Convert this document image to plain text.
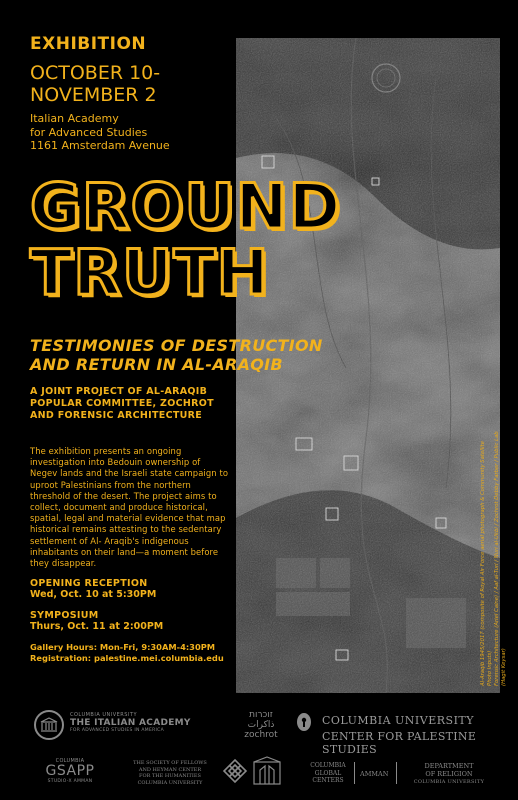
EXHIBITION

OCTOBER 10-
NOVEMBER 2
Italian Academy
for Advanced Studies
1161 Amsterdam Avenue
GROUND
TRUTH
TESTIMONIES OF DESTRUCTION
AND RETURN IN AL-ARAQIB
A JOINT PROJECT OF AL-ARAQIB
POPULAR COMMITTEE, ZOCHROT
AND FORENSIC ARCHITECTURE

The exhibition presents an ongoing investigation into Bedouin ownership of Negev lands and the Israeli state campaign to uproot Palestinians from the northern threshold of the desert. The project aims to collect, document and produce historical, spatial, legal and material evidence that map historical remains attesting to the sedentary settlement of Al- Araqib's indigenous inhabitants on their land—a moment before they disappear.

OPENING RECEPTION
Wed, Oct. 10 at 5:30PM
SYMPOSIUM
Thurs, Oct. 11 at 2:00PM
Gallery Hours: Mon-Fri, 9:30AM-4:30PM
Registration: palestine.mei.columbia.edu	Al-Araqib 1945/2017 (composite of Royal Air Force aerial photograph & Community Satellite Photo Inputs) Forensic Architecture (Ariel Caine) / Aaf al-Turi / Nuri al-Ukbi / Zochrot Debby Farber / Public Lab (Hagit Keysar)
COLUMBIA UNIVERSITY
THE ITALIAN ACADEMY
FOR ADVANCED STUDIES IN AMERICA
זוכרות
ذاكرات
zochrot
COLUMBIA UNIVERSITY
CENTER FOR PALESTINE STUDIES
COLUMBIA
GSAPP
STUDIO-X AMMAN
THE SOCIETY OF FELLOWS
AND HEYMAN CENTER
FOR THE HUMANITIES
COLUMBIA UNIVERSITY
COLUMBIA
GLOBAL
CENTERS
AMMAN
DEPARTMENT
OF RELIGION
COLUMBIA UNIVERSITY
